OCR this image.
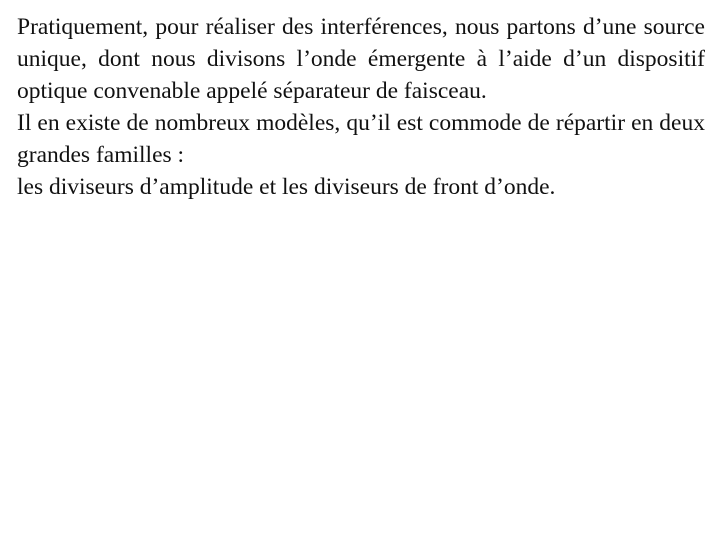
Pratiquement, pour réaliser des interférences, nous partons d’une source unique, dont nous divisons l’onde émergente à l’aide d’un dispositif optique convenable appelé séparateur de faisceau.

Il en existe de nombreux modèles, qu’il est commode de répartir en deux grandes familles :

les diviseurs d’amplitude et les diviseurs de front d’onde.
